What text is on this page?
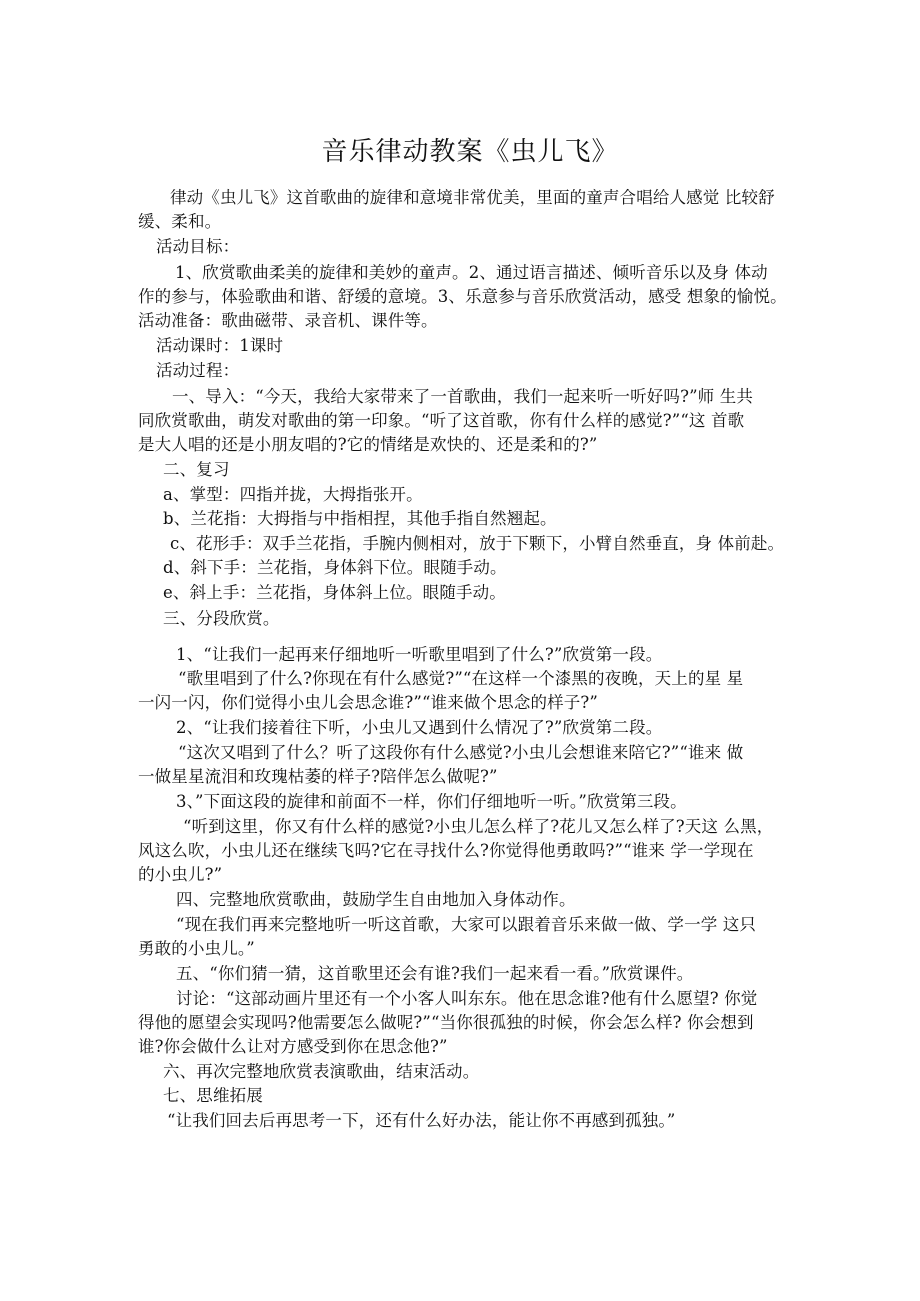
音乐律动教案《虫儿飞》
律动《虫儿飞》这首歌曲的旋律和意境非常优美，里面的童声合唱给人感觉 比较舒
缓、柔和。
活动目标：
1、欣赏歌曲柔美的旋律和美妙的童声。2、通过语言描述、倾听音乐以及身 体动
作的参与，体验歌曲和谐、舒缓的意境。3、乐意参与音乐欣赏活动，感受 想象的愉悦。
活动准备：歌曲磁带、录音机、课件等。
活动课时：1课时
活动过程：
一、导入：“今天，我给大家带来了一首歌曲，我们一起来听一听好吗?”师 生共
同欣赏歌曲，萌发对歌曲的第一印象。“听了这首歌，你有什么样的感觉?”“这 首歌
是大人唱的还是小朋友唱的?它的情绪是欢快的、还是柔和的?”
二、复习
a、掌型：四指并拢，大拇指张开。
b、兰花指：大拇指与中指相捏，其他手指自然翘起。
c、花形手：双手兰花指，手腕内侧相对，放于下颗下，小臂自然垂直，身 体前赴。
d、斜下手：兰花指，身体斜下位。眼随手动。
e、斜上手：兰花指，身体斜上位。眼随手动。
三、分段欣赏。
1、“让我们一起再来仔细地听一听歌里唱到了什么?”欣赏第一段。
“歌里唱到了什么?你现在有什么感觉?”“在这样一个漆黑的夜晚，天上的星 星
一闪一闪，你们觉得小虫儿会思念谁?”“谁来做个思念的样子?”
2、“让我们接着往下听，小虫儿又遇到什么情况了?”欣赏第二段。
“这次又唱到了什么？听了这段你有什么感觉?小虫儿会想谁来陪它?”“谁来 做
一做星星流泪和玫瑰枯萎的样子?陪伴怎么做呢?”
3、”下面这段的旋律和前面不一样，你们仔细地听一听。”欣赏第三段。
“听到这里，你又有什么样的感觉?小虫儿怎么样了?花儿又怎么样了?天这 么黑，
风这么吹，小虫儿还在继续飞吗?它在寻找什么?你觉得他勇敢吗?”“谁来 学一学现在
的小虫儿?”
四、完整地欣赏歌曲，鼓励学生自由地加入身体动作。
“现在我们再来完整地听一听这首歌，大家可以跟着音乐来做一做、学一学 这只
勇敢的小虫儿。”
五、“你们猜一猜，这首歌里还会有谁?我们一起来看一看。”欣赏课件。
讨论：“这部动画片里还有一个小客人叫东东。他在思念谁?他有什么愿望? 你觉
得他的愿望会实现吗?他需要怎么做呢?”“当你很孤独的时候，你会怎么样? 你会想到
谁?你会做什么让对方感受到你在思念他?”
六、再次完整地欣赏表演歌曲，结束活动。
七、思维拓展
“让我们回去后再思考一下，还有什么好办法，能让你不再感到孤独。”
